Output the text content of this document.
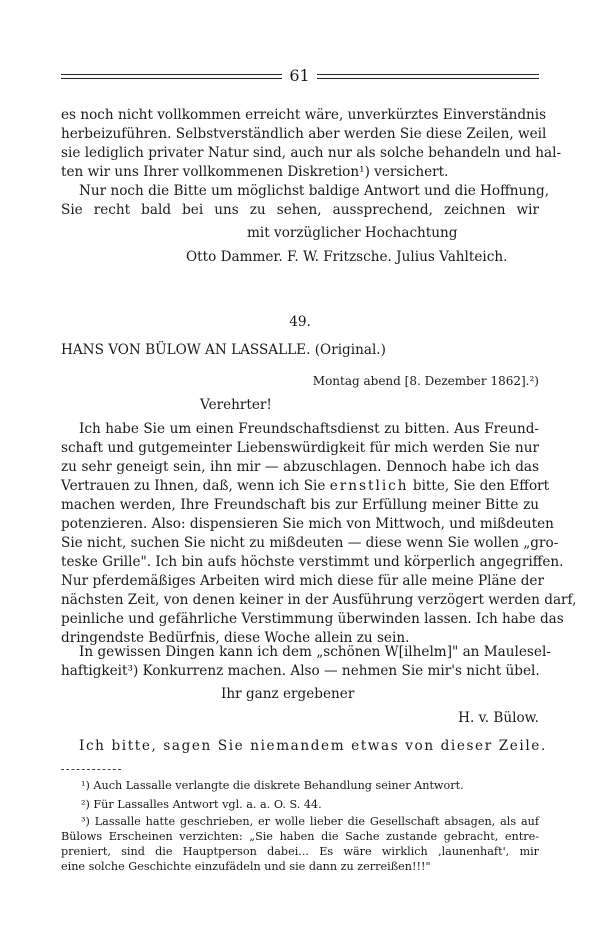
61
es noch nicht vollkommen erreicht wäre, unverkürztes Einverständnis
herbeizuführen. Selbstverständlich aber werden Sie diese Zeilen, weil
sie lediglich privater Natur sind, auch nur als solche behandeln und hal-
ten wir uns Ihrer vollkommenen Diskretion¹) versichert.
Nur noch die Bitte um möglichst baldige Antwort und die Hoffnung,
Sie recht bald bei uns zu sehen, aussprechend, zeichnen wir
mit vorzüglicher Hochachtung
Otto Dammer. F. W. Fritzsche. Julius Vahlteich.
49.
HANS VON BÜLOW AN LASSALLE. (Original.)
Montag abend [8. Dezember 1862].²)
Verehrter!
Ich habe Sie um einen Freundschaftsdienst zu bitten. Aus Freund-
schaft und gutgemeinter Liebenswürdigkeit für mich werden Sie nur
zu sehr geneigt sein, ihn mir — abzuschlagen. Dennoch habe ich das
Vertrauen zu Ihnen, daß, wenn ich Sie ernstlich bitte, Sie den Effort
machen werden, Ihre Freundschaft bis zur Erfüllung meiner Bitte zu
potenzieren. Also: dispensieren Sie mich von Mittwoch, und mißdeuten
Sie nicht, suchen Sie nicht zu mißdeuten — diese wenn Sie wollen „gro-
teske Grille". Ich bin aufs höchste verstimmt und körperlich angegriffen.
Nur pferdemäßiges Arbeiten wird mich diese für alle meine Pläne der
nächsten Zeit, von denen keiner in der Ausführung verzögert werden darf,
peinliche und gefährliche Verstimmung überwinden lassen. Ich habe das
dringendste Bedürfnis, diese Woche allein zu sein.
In gewissen Dingen kann ich dem „schönen W[ilhelm]" an Maulesel-
haftigkeit³) Konkurrenz machen. Also — nehmen Sie mir's nicht übel.
Ihr ganz ergebener
H. v. Bülow.
Ich bitte, sagen Sie niemandem etwas von dieser Zeile.
¹) Auch Lassalle verlangte die diskrete Behandlung seiner Antwort.
²) Für Lassalles Antwort vgl. a. a. O. S. 44.
³) Lassalle hatte geschrieben, er wolle lieber die Gesellschaft absagen, als auf
Bülows Erscheinen verzichten: „Sie haben die Sache zustande gebracht, entre-
preniert, sind die Hauptperson dabei... Es wäre wirklich ‚launenhaft', mir
eine solche Geschichte einzufädeln und sie dann zu zerreißen!!!"
